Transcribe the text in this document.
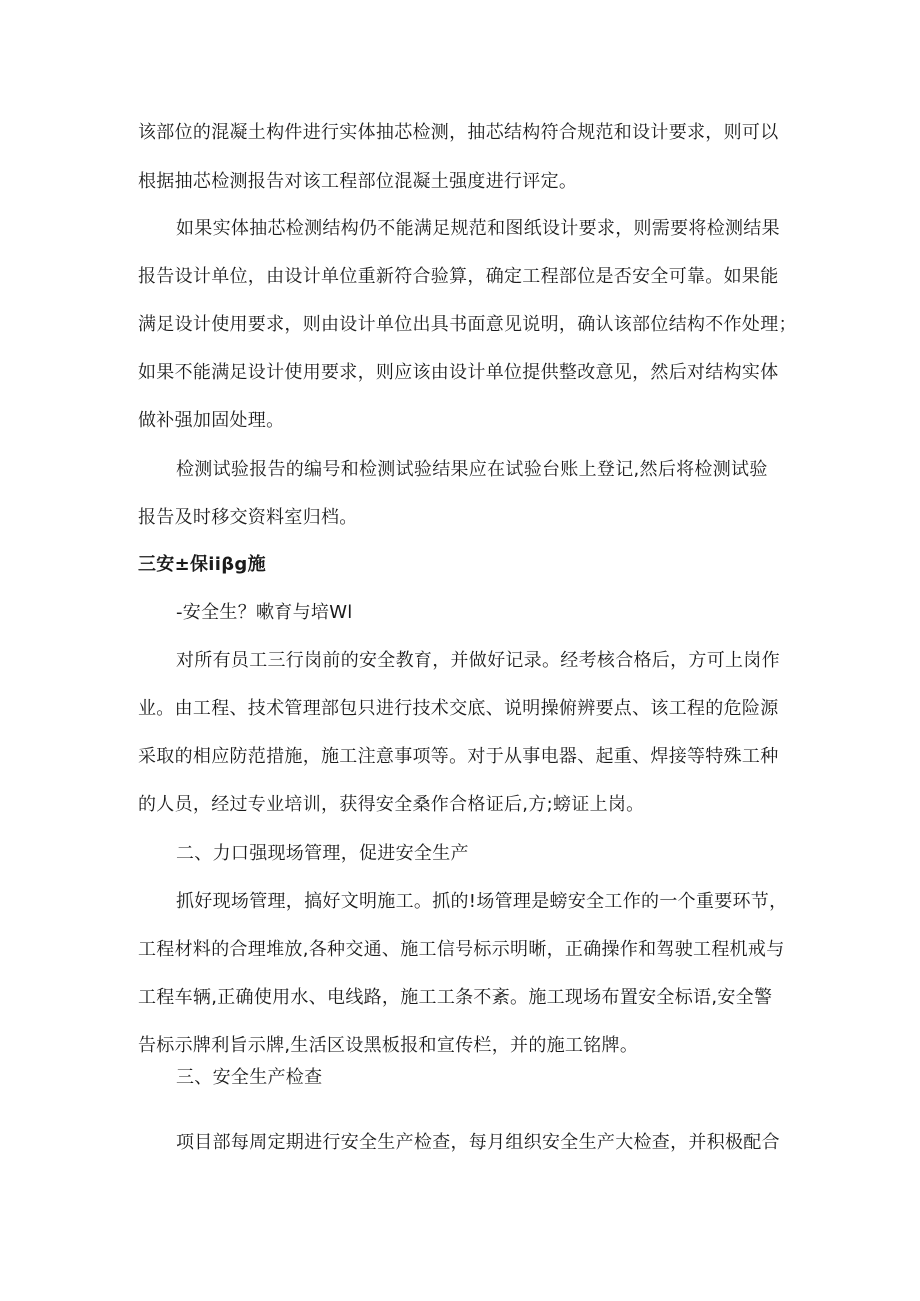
该部位的混凝土构件进行实体抽芯检测，抽芯结构符合规范和设计要求，则可以
根据抽芯检测报告对该工程部位混凝土强度进行评定。
如果实体抽芯检测结构仍不能满足规范和图纸设计要求，则需要将检测结果
报告设计单位，由设计单位重新符合验算，确定工程部位是否安全可靠。如果能
满足设计使用要求，则由设计单位出具书面意见说明，确认该部位结构不作处理；
如果不能满足设计使用要求，则应该由设计单位提供整改意见，然后对结构实体
做补强加固处理。
检测试验报告的编号和检测试验结果应在试验台账上登记,然后将检测试验
报告及时移交资料室归档。
三安±保iiβg施
-安全生？嗽育与培Wl
对所有员工三行岗前的安全教育，并做好记录。经考核合格后，方可上岗作
业。由工程、技术管理部包只进行技术交底、说明操俯辨要点、该工程的危险源
采取的相应防范措施，施工注意事项等。对于从事电器、起重、焊接等特殊工种
的人员，经过专业培训，获得安全桑作合格证后,方;螃证上岗。
二、力口强现场管理，促进安全生产
抓好现场管理，搞好文明施工。抓的!场管理是螃安全工作的一个重要环节，
工程材料的合理堆放,各种交通、施工信号标示明晰，正确操作和驾驶工程机戒与
工程车辆,正确使用水、电线路，施工工条不紊。施工现场布置安全标语,安全警
告标示牌利旨示牌,生活区设黑板报和宣传栏，并的施工铭牌。
三、安全生产检查
项目部每周定期进行安全生产检查，每月组织安全生产大检查，并积极配合
